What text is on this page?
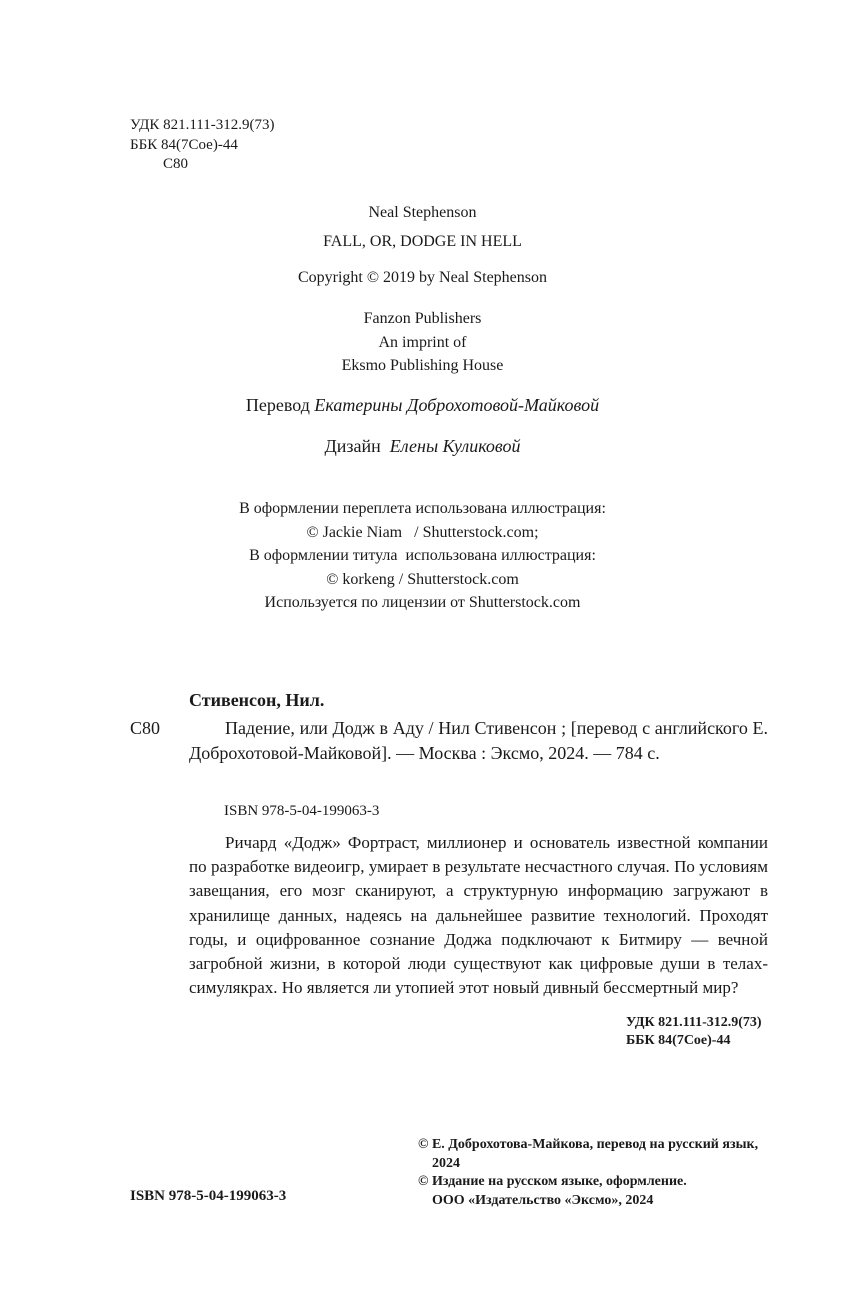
УДК 821.111-312.9(73)
ББК 84(7Сое)-44
С80
Neal Stephenson
FALL, OR, DODGE IN HELL
Copyright © 2019 by Neal Stephenson
Fanzon Publishers
An imprint of
Eksmo Publishing House
Перевод Екатерины Доброхотовой-Майковой
Дизайн Елены Куликовой
В оформлении переплета использована иллюстрация:
© Jackie Niam   / Shutterstock.com;
В оформлении титула  использована иллюстрация:
© korkeng / Shutterstock.com
Используется по лицензии от Shutterstock.com
Стивенсон, Нил.
С80	Падение, или Додж в Аду / Нил Стивенсон ; [перевод с английского Е. Доброхотовой-Майковой]. — Москва : Эксмо, 2024. — 784 с.
ISBN 978-5-04-199063-3
Ричард «Додж» Фортраст, миллионер и основатель известной компании по разработке видеоигр, умирает в результате несчастного случая. По условиям завещания, его мозг сканируют, а структурную информацию загружают в хранилище данных, надеясь на дальнейшее развитие технологий. Проходят годы, и оцифрованное сознание Доджа подключают к Битмиру — вечной загробной жизни, в которой люди существуют как цифровые души в телах-симулякрах. Но является ли утопией этот новый дивный бессмертный мир?
УДК 821.111-312.9(73)
ББК 84(7Сое)-44
© Е. Доброхотова-Майкова, перевод на русский язык,
2024
© Издание на русском языке, оформление.
ООО «Издательство «Эксмо», 2024
ISBN 978-5-04-199063-3
